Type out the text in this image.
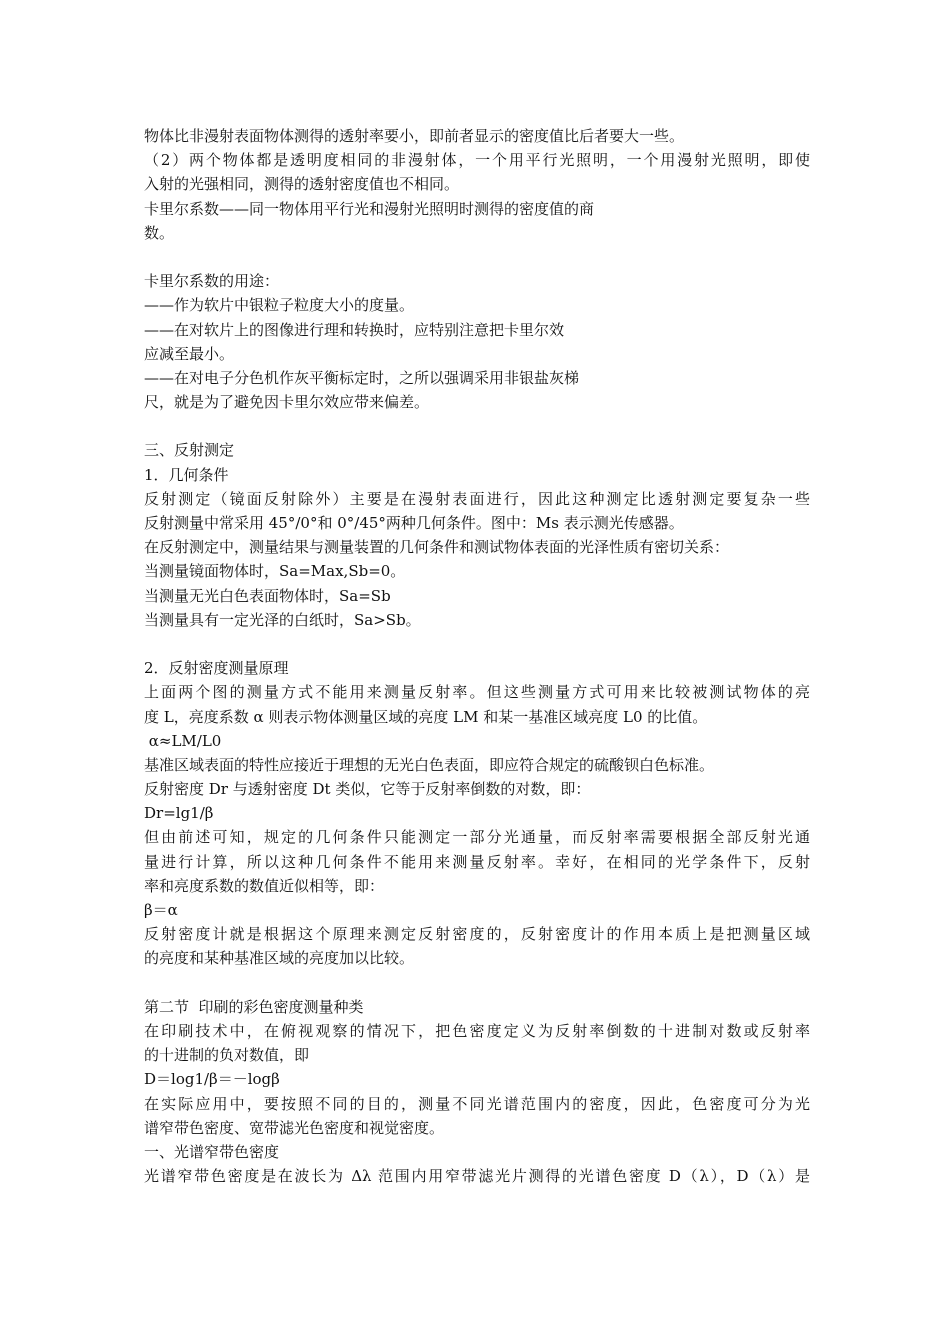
物体比非漫射表面物体测得的透射率要小，即前者显示的密度值比后者要大一些。
（2）两个物体都是透明度相同的非漫射体，一个用平行光照明，一个用漫射光照明，即使
入射的光强相同，测得的透射密度值也不相同。
卡里尔系数——同一物体用平行光和漫射光照明时测得的密度值的商
数。
卡里尔系数的用途：
——作为软片中银粒子粒度大小的度量。
——在对软片上的图像进行理和转换时，应特别注意把卡里尔效
应减至最小。
——在对电子分色机作灰平衡标定时，之所以强调采用非银盐灰梯
尺，就是为了避免因卡里尔效应带来偏差。
三、反射测定
1．几何条件
反射测定（镜面反射除外）主要是在漫射表面进行，因此这种测定比透射测定要复杂一些
反射测量中常采用 45°/0°和 0°/45°两种几何条件。图中：Ms 表示测光传感器。
在反射测定中，测量结果与测量装置的几何条件和测试物体表面的光泽性质有密切关系：
当测量镜面物体时，Sa=Max,Sb=0。
当测量无光白色表面物体时，Sa=Sb
当测量具有一定光泽的白纸时，Sa>Sb。
2．反射密度测量原理
上面两个图的测量方式不能用来测量反射率。但这些测量方式可用来比较被测试物体的亮
度 L，亮度系数 α 则表示物体测量区域的亮度 LM 和某一基准区域亮度 L0 的比值。
α≈LM/L0
基准区域表面的特性应接近于理想的无光白色表面，即应符合规定的硫酸钡白色标准。
反射密度 Dr 与透射密度 Dt 类似，它等于反射率倒数的对数，即：
Dr=lg1/β
但由前述可知，规定的几何条件只能测定一部分光通量，而反射率需要根据全部反射光通
量进行计算，所以这种几何条件不能用来测量反射率。幸好，在相同的光学条件下，反射
率和亮度系数的数值近似相等，即：
β＝α
反射密度计就是根据这个原理来测定反射密度的，反射密度计的作用本质上是把测量区域
的亮度和某种基准区域的亮度加以比较。
第二节  印刷的彩色密度测量种类
在印刷技术中，在俯视观察的情况下，把色密度定义为反射率倒数的十进制对数或反射率
的十进制的负对数值，即
D＝log1/β＝－logβ
在实际应用中，要按照不同的目的，测量不同光谱范围内的密度，因此，色密度可分为光
谱窄带色密度、宽带滤光色密度和视觉密度。
一、光谱窄带色密度
光谱窄带色密度是在波长为 Δλ 范围内用窄带滤光片测得的光谱色密度 D（λ），D（λ）是
